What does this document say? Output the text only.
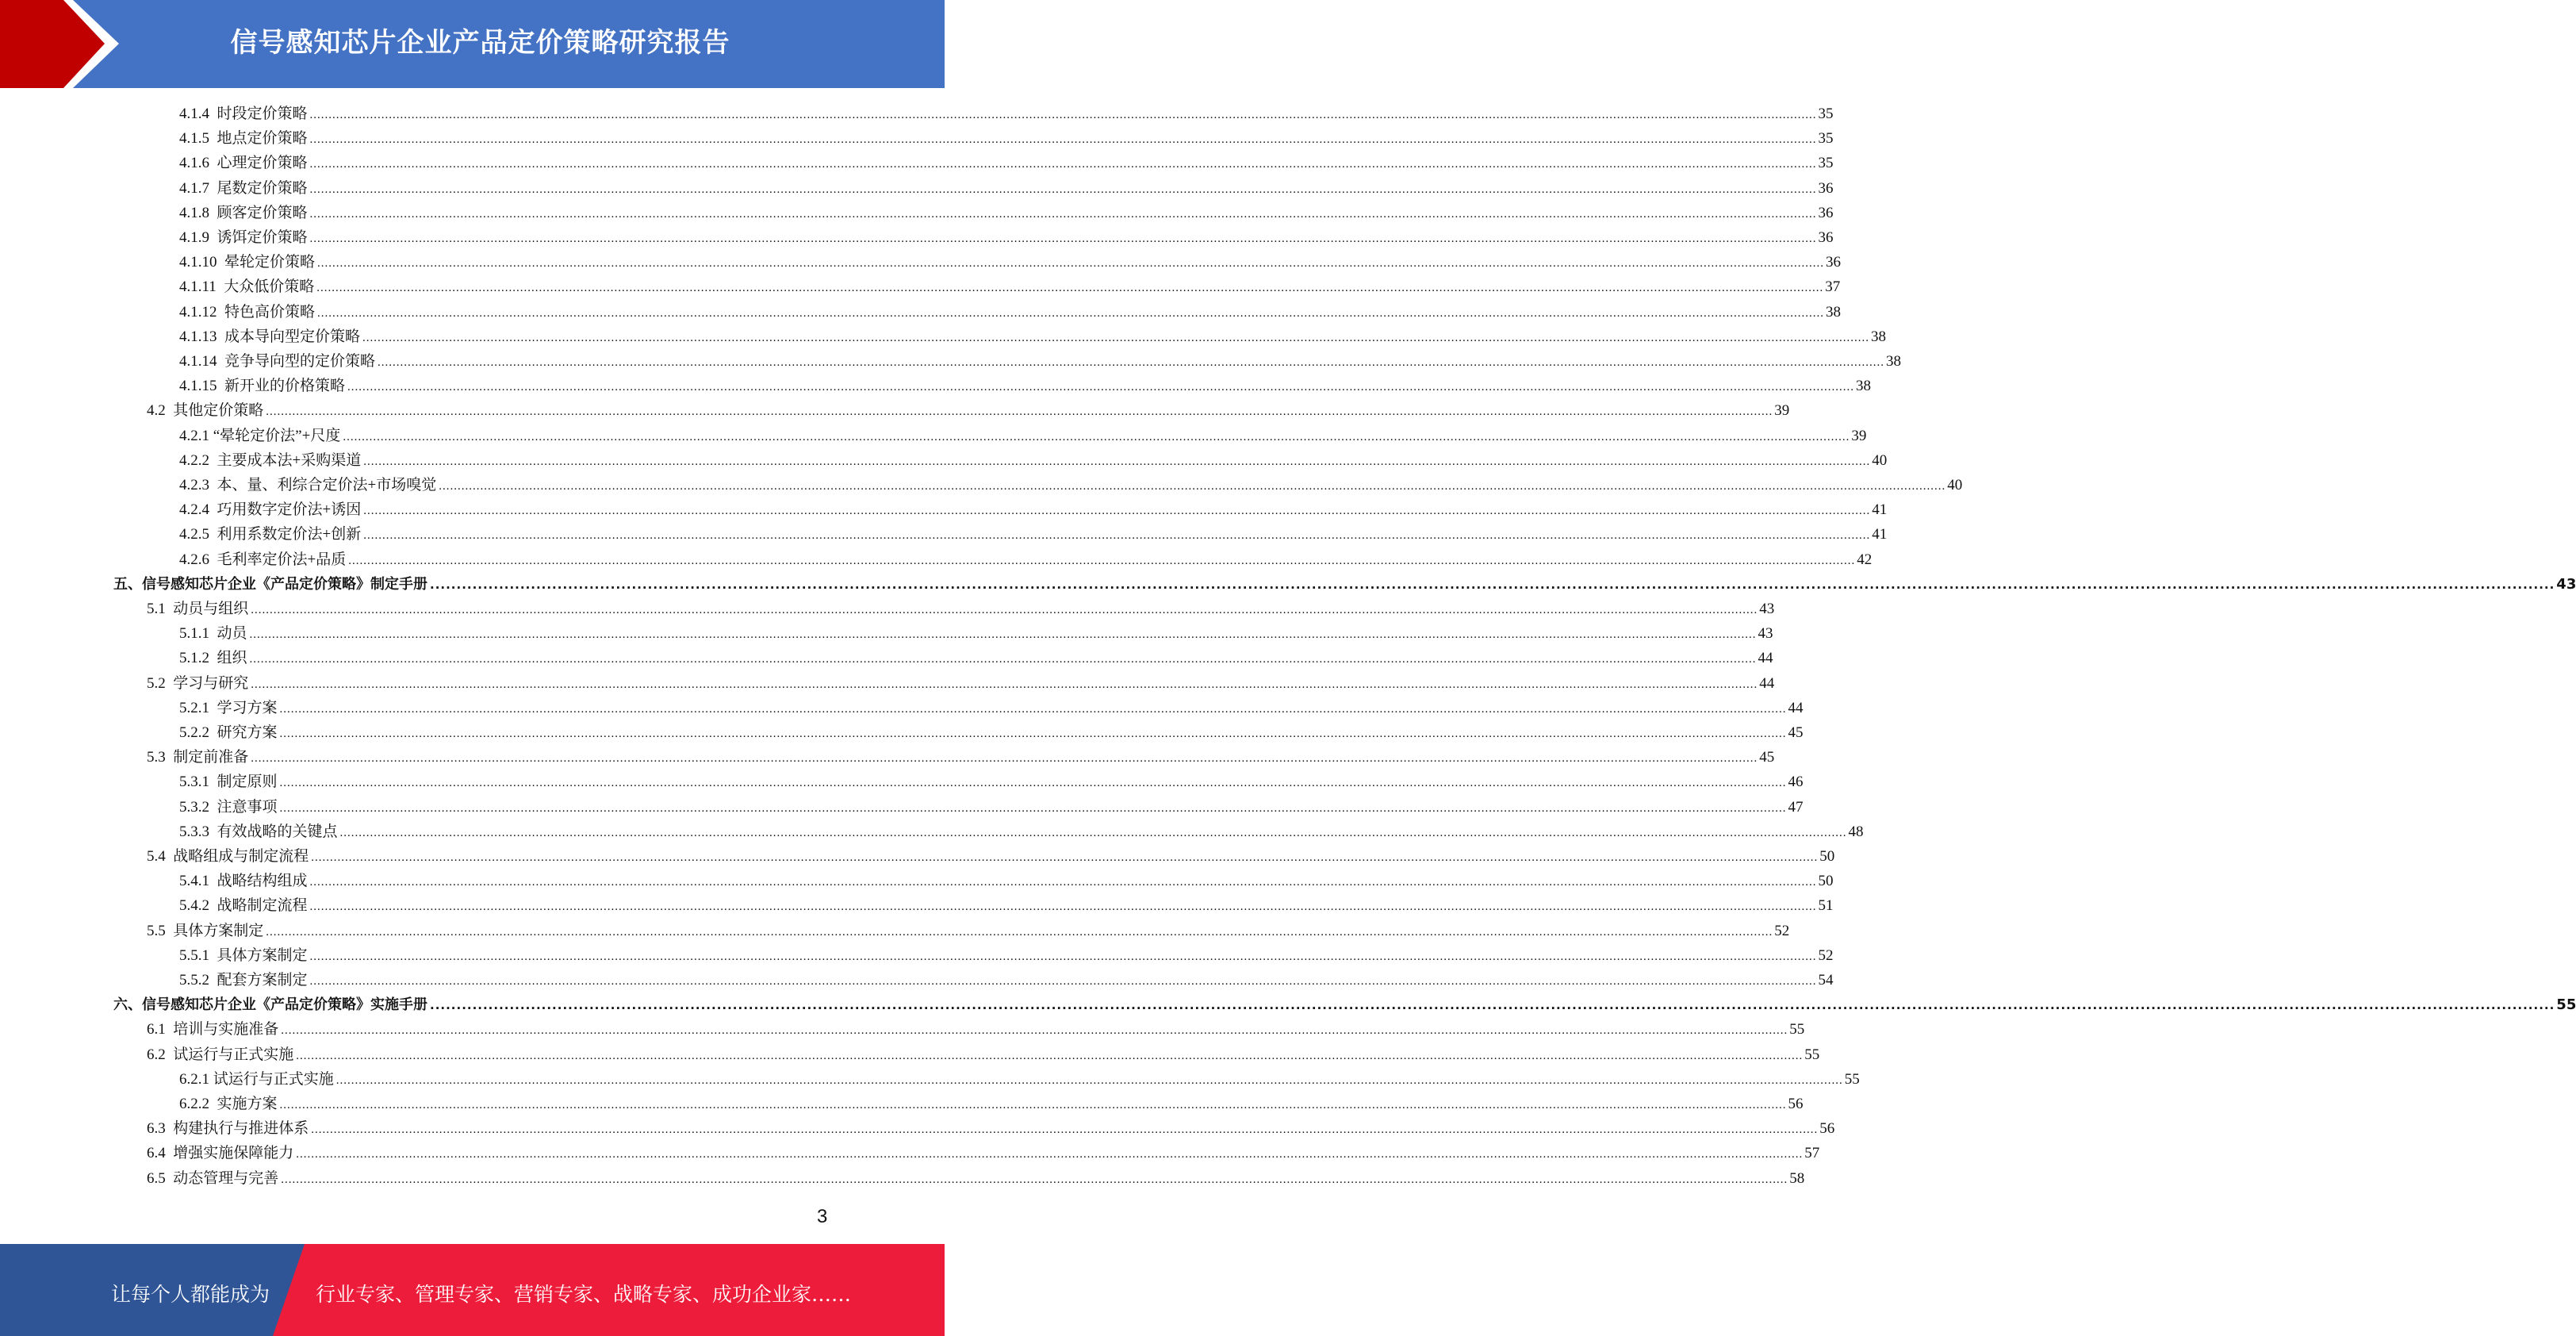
信号感知芯片企业产品定价策略研究报告
4.1.4  时段定价策略 ................................................................................................................................................................................................................................................................................................................................................................................................................ 35
4.1.5  地点定价策略 ................................................................................................................................................................................................................................................................................................................................................................................................................ 35
4.1.6  心理定价策略 ................................................................................................................................................................................................................................................................................................................................................................................................................ 35
4.1.7  尾数定价策略 ................................................................................................................................................................................................................................................................................................................................................................................................................ 36
4.1.8  顾客定价策略 ................................................................................................................................................................................................................................................................................................................................................................................................................ 36
4.1.9  诱饵定价策略 ................................................................................................................................................................................................................................................................................................................................................................................................................ 36
4.1.10  晕轮定价策略 ................................................................................................................................................................................................................................................................................................................................................................................................................ 36
4.1.11  大众低价策略 ................................................................................................................................................................................................................................................................................................................................................................................................................ 37
4.1.12  特色高价策略 ................................................................................................................................................................................................................................................................................................................................................................................................................ 38
4.1.13  成本导向型定价策略 ................................................................................................................................................................................................................................................................................................................................................................................................................ 38
4.1.14  竞争导向型的定价策略 ................................................................................................................................................................................................................................................................................................................................................................................................................ 38
4.1.15  新开业的价格策略 ................................................................................................................................................................................................................................................................................................................................................................................................................ 38
4.2  其他定价策略 ................................................................................................................................................................................................................................................................................................................................................................................................................ 39
4.2.1 “晕轮定价法”+尺度 ................................................................................................................................................................................................................................................................................................................................................................................................................ 39
4.2.2  主要成本法+采购渠道 ................................................................................................................................................................................................................................................................................................................................................................................................................ 40
4.2.3  本、量、利综合定价法+市场嗅觉 ................................................................................................................................................................................................................................................................................................................................................................................................................ 40
4.2.4  巧用数字定价法+诱因 ................................................................................................................................................................................................................................................................................................................................................................................................................ 41
4.2.5  利用系数定价法+创新 ................................................................................................................................................................................................................................................................................................................................................................................................................ 41
4.2.6  毛利率定价法+品质 ................................................................................................................................................................................................................................................................................................................................................................................................................ 42
五、信号感知芯片企业《产品定价策略》制定手册 ................................................................................................................................................................................................................................................................................................................................................................................................................ 43
5.1  动员与组织 ................................................................................................................................................................................................................................................................................................................................................................................................................ 43
5.1.1  动员 ................................................................................................................................................................................................................................................................................................................................................................................................................ 43
5.1.2  组织 ................................................................................................................................................................................................................................................................................................................................................................................................................ 44
5.2  学习与研究 ................................................................................................................................................................................................................................................................................................................................................................................................................ 44
5.2.1  学习方案 ................................................................................................................................................................................................................................................................................................................................................................................................................ 44
5.2.2  研究方案 ................................................................................................................................................................................................................................................................................................................................................................................................................ 45
5.3  制定前准备 ................................................................................................................................................................................................................................................................................................................................................................................................................ 45
5.3.1  制定原则 ................................................................................................................................................................................................................................................................................................................................................................................................................ 46
5.3.2  注意事项 ................................................................................................................................................................................................................................................................................................................................................................................................................ 47
5.3.3  有效战略的关键点 ................................................................................................................................................................................................................................................................................................................................................................................................................ 48
5.4  战略组成与制定流程 ................................................................................................................................................................................................................................................................................................................................................................................................................ 50
5.4.1  战略结构组成 ................................................................................................................................................................................................................................................................................................................................................................................................................ 50
5.4.2  战略制定流程 ................................................................................................................................................................................................................................................................................................................................................................................................................ 51
5.5  具体方案制定 ................................................................................................................................................................................................................................................................................................................................................................................................................ 52
5.5.1  具体方案制定 ................................................................................................................................................................................................................................................................................................................................................................................................................ 52
5.5.2  配套方案制定 ................................................................................................................................................................................................................................................................................................................................................................................................................ 54
六、信号感知芯片企业《产品定价策略》实施手册 ................................................................................................................................................................................................................................................................................................................................................................................................................ 55
6.1  培训与实施准备 ................................................................................................................................................................................................................................................................................................................................................................................................................ 55
6.2  试运行与正式实施 ................................................................................................................................................................................................................................................................................................................................................................................................................ 55
6.2.1 试运行与正式实施 ................................................................................................................................................................................................................................................................................................................................................................................................................ 55
6.2.2  实施方案 ................................................................................................................................................................................................................................................................................................................................................................................................................ 56
6.3  构建执行与推进体系 ................................................................................................................................................................................................................................................................................................................................................................................................................ 56
6.4  增强实施保障能力 ................................................................................................................................................................................................................................................................................................................................................................................................................ 57
6.5  动态管理与完善 ................................................................................................................................................................................................................................................................................................................................................................................................................ 58
3
让每个人都能成为 行业专家、管理专家、营销专家、战略专家、成功企业家……
